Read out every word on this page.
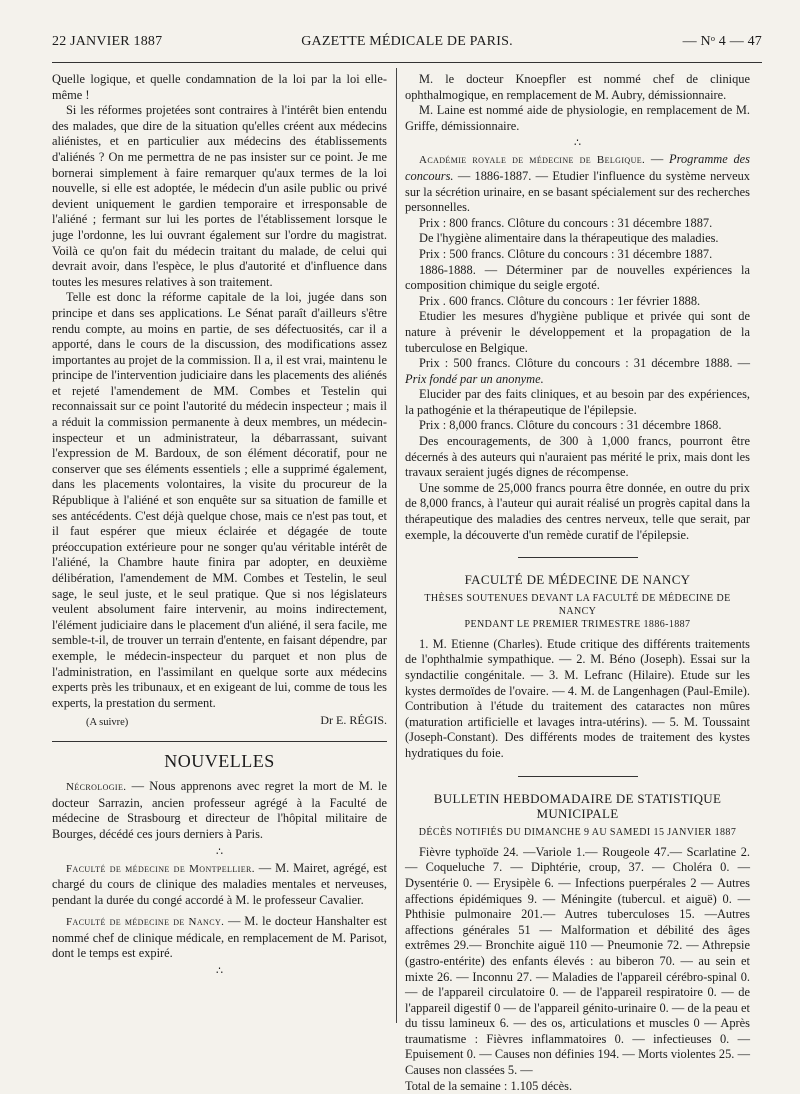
22 JANVIER 1887	GAZETTE MÉDICALE DE PARIS.	— Nᵒ 4 — 47

Quelle logique, et quelle condamnation de la loi par la loi elle-même !

Si les réformes projetées sont contraires à l'intérêt bien entendu des malades, que dire de la situation qu'elles créent aux médecins aliénistes, et en particulier aux médecins des établissements d'aliénés ? On me permettra de ne pas insister sur ce point. Je me bornerai simplement à faire remarquer qu'aux termes de la loi nouvelle, si elle est adoptée, le médecin d'un asile public ou privé devient uniquement le gardien temporaire et irresponsable de l'aliéné ; fermant sur lui les portes de l'établissement lorsque le juge l'ordonne, les lui ouvrant également sur l'ordre du magistrat. Voilà ce qu'on fait du médecin traitant du malade, de celui qui devrait avoir, dans l'espèce, le plus d'autorité et d'influence dans toutes les mesures relatives à son traitement.

Telle est donc la réforme capitale de la loi, jugée dans son principe et dans ses applications. Le Sénat paraît d'ailleurs s'être rendu compte, au moins en partie, de ses défectuosités, car il a apporté, dans le cours de la discussion, des modifications assez importantes au projet de la commission. Il a, il est vrai, maintenu le principe de l'intervention judiciaire dans les placements des aliénés et rejeté l'amendement de MM. Combes et Testelin qui reconnaissait sur ce point l'autorité du médecin inspecteur ; mais il a réduit la commission permanente à deux membres, un médecin-inspecteur et un administrateur, la débarrassant, suivant l'expression de M. Bardoux, de son élément décoratif, pour ne conserver que ses éléments essentiels ; elle a supprimé également, dans les placements volontaires, la visite du procureur de la République à l'aliéné et son enquête sur sa situation de famille et ses antécédents. C'est déjà quelque chose, mais ce n'est pas tout, et il faut espérer que mieux éclairée et dégagée de toute préoccupation extérieure pour ne songer qu'au véritable intérêt de l'aliéné, la Chambre haute finira par adopter, en deuxième délibération, l'amendement de MM. Combes et Testelin, le seul sage, le seul juste, et le seul pratique. Que si nos législateurs veulent absolument faire intervenir, au moins indirectement, l'élément judiciaire dans le placement d'un aliéné, il sera facile, me semble-t-il, de trouver un terrain d'entente, en faisant dépendre, par exemple, le médecin-inspecteur du parquet et non plus de l'administration, en l'assimilant en quelque sorte aux médecins experts près les tribunaux, et en exigeant de lui, comme de tous les experts, la prestation du serment.

Dr E. RÉGIS.
(A suivre)
NOUVELLES

Nécrologie. — Nous apprenons avec regret la mort de M. le docteur Sarrazin, ancien professeur agrégé à la Faculté de médecine de Strasbourg et directeur de l'hôpital militaire de Bourges, décédé ces jours derniers à Paris.

∴

Faculté de médecine de Montpellier. — M. Mairet, agrégé, est chargé du cours de clinique des maladies mentales et nerveuses, pendant la durée du congé accordé à M. le professeur Cavalier.

Faculté de médecine de Nancy. — M. le docteur Hanshalter est nommé chef de clinique médicale, en remplacement de M. Parisot, dont le temps est expiré.

∴

M. le docteur Knoepfler est nommé chef de clinique ophthalmogique, en remplacement de M. Aubry, démissionnaire.

M. Laine est nommé aide de physiologie, en remplacement de M. Griffe, démissionnaire.

∴

Académie royale de médecine de Belgique. — Programme des concours. — 1886-1887. — Etudier l'influence du système nerveux sur la sécrétion urinaire, en se basant spécialement sur des recherches personnelles.

Prix : 800 francs. Clôture du concours : 31 décembre 1887.

De l'hygiène alimentaire dans la thérapeutique des maladies.

Prix : 500 francs. Clôture du concours : 31 décembre 1887.

1886-1888. — Déterminer par de nouvelles expériences la composition chimique du seigle ergoté.

Prix . 600 francs. Clôture du concours : 1er février 1888.

Etudier les mesures d'hygiène publique et privée qui sont de nature à prévenir le développement et la propagation de la tuberculose en Belgique.

Prix : 500 francs. Clôture du concours : 31 décembre 1888. — Prix fondé par un anonyme.

Elucider par des faits cliniques, et au besoin par des expériences, la pathogénie et la thérapeutique de l'épilepsie.

Prix : 8,000 francs. Clôture du concours : 31 décembre 1868.

Des encouragements, de 300 à 1,000 francs, pourront être décernés à des auteurs qui n'auraient pas mérité le prix, mais dont les travaux seraient jugés dignes de récompense.

Une somme de 25,000 francs pourra être donnée, en outre du prix de 8,000 francs, à l'auteur qui aurait réalisé un progrès capital dans la thérapeutique des maladies des centres nerveux, telle que serait, par exemple, la découverte d'un remède curatif de l'épilepsie.

FACULTÉ DE MÉDECINE DE NANCY
THÈSES SOUTENUES DEVANT LA FACULTÉ DE MÉDECINE DE NANCY
PENDANT LE PREMIER TRIMESTRE 1886-1887

1. M. Etienne (Charles). Etude critique des différents traitements de l'ophthalmie sympathique. — 2. M. Béno (Joseph). Essai sur la syndactilie congénitale. — 3. M. Lefranc (Hilaire). Etude sur les kystes dermoïdes de l'ovaire. — 4. M. de Langenhagen (Paul-Emile). Contribution à l'étude du traitement des cataractes non mûres (maturation artificielle et lavages intra-utérins). — 5. M. Toussaint (Joseph-Constant). Des différents modes de traitement des kystes hydratiques du foie.

BULLETIN HEBDOMADAIRE DE STATISTIQUE
MUNICIPALE
DÉCÈS NOTIFIÉS DU DIMANCHE 9 AU SAMEDI 15 JANVIER 1887

Fièvre typhoïde 24. —Variole 1.— Rougeole 47.— Scarlatine 2. — Coqueluche 7. — Diphtérie, croup, 37. — Choléra 0. — Dysentérie 0. — Erysipèle 6. — Infections puerpérales 2 — Autres affections épidémiques 9. — Méningite (tubercul. et aiguë) 0. — Phthisie pulmonaire 201.— Autres tuberculoses 15. —Autres affections générales 51 — Malformation et débilité des âges extrêmes 29.— Bronchite aiguë 110 — Pneumonie 72. — Athrepsie (gastro-entérite) des enfants élevés : au biberon 70. — au sein et mixte 26. — Inconnu 27. — Maladies de l'appareil cérébro-spinal 0. — de l'appareil circulatoire 0. — de l'appareil respiratoire 0. — de l'appareil digestif 0 — de l'appareil génito-urinaire 0. — de la peau et du tissu lamineux 6. — des os, articulations et muscles 0 — Après traumatisme : Fièvres inflammatoires 0. — infectieuses 0. — Epuisement 0. — Causes non définies 194. — Morts violentes 25. — Causes non classées 5. —

Total de la semaine : 1.105 décès.
